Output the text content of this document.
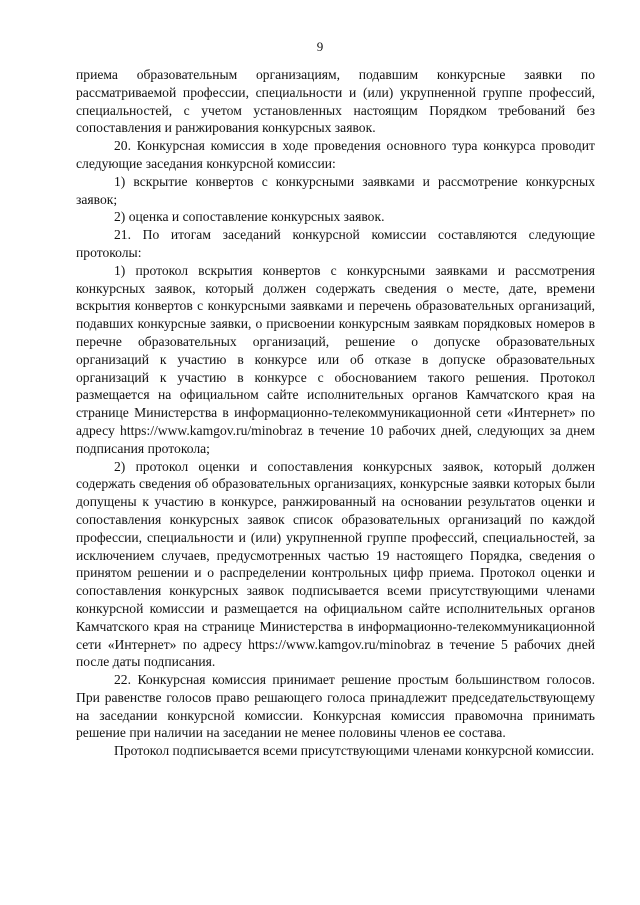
9

приема образовательным организациям, подавшим конкурсные заявки по рассматриваемой профессии, специальности и (или) укрупненной группе профессий, специальностей, с учетом установленных настоящим Порядком требований без сопоставления и ранжирования конкурсных заявок.

20. Конкурсная комиссия в ходе проведения основного тура конкурса проводит следующие заседания конкурсной комиссии:

1) вскрытие конвертов с конкурсными заявками и рассмотрение конкурсных заявок;

2) оценка и сопоставление конкурсных заявок.

21. По итогам заседаний конкурсной комиссии составляются следующие протоколы:

1) протокол вскрытия конвертов с конкурсными заявками и рассмотрения конкурсных заявок, который должен содержать сведения о месте, дате, времени вскрытия конвертов с конкурсными заявками и перечень образовательных организаций, подавших конкурсные заявки, о присвоении конкурсным заявкам порядковых номеров в перечне образовательных организаций, решение о допуске образовательных организаций к участию в конкурсе или об отказе в допуске образовательных организаций к участию в конкурсе с обоснованием такого решения. Протокол размещается на официальном сайте исполнительных органов Камчатского края на странице Министерства в информационно-телекоммуникационной сети «Интернет» по адресу https://www.kamgov.ru/minobraz в течение 10 рабочих дней, следующих за днем подписания протокола;

2) протокол оценки и сопоставления конкурсных заявок, который должен содержать сведения об образовательных организациях, конкурсные заявки которых были допущены к участию в конкурсе, ранжированный на основании результатов оценки и сопоставления конкурсных заявок список образовательных организаций по каждой профессии, специальности и (или) укрупненной группе профессий, специальностей, за исключением случаев, предусмотренных частью 19 настоящего Порядка, сведения о принятом решении и о распределении контрольных цифр приема. Протокол оценки и сопоставления конкурсных заявок подписывается всеми присутствующими членами конкурсной комиссии и размещается на официальном сайте исполнительных органов Камчатского края на странице Министерства в информационно-телекоммуникационной сети «Интернет» по адресу https://www.kamgov.ru/minobraz в течение 5 рабочих дней после даты подписания.

22. Конкурсная комиссия принимает решение простым большинством голосов. При равенстве голосов право решающего голоса принадлежит председательствующему на заседании конкурсной комиссии. Конкурсная комиссия правомочна принимать решение при наличии на заседании не менее половины членов ее состава.

Протокол подписывается всеми присутствующими членами конкурсной комиссии.
